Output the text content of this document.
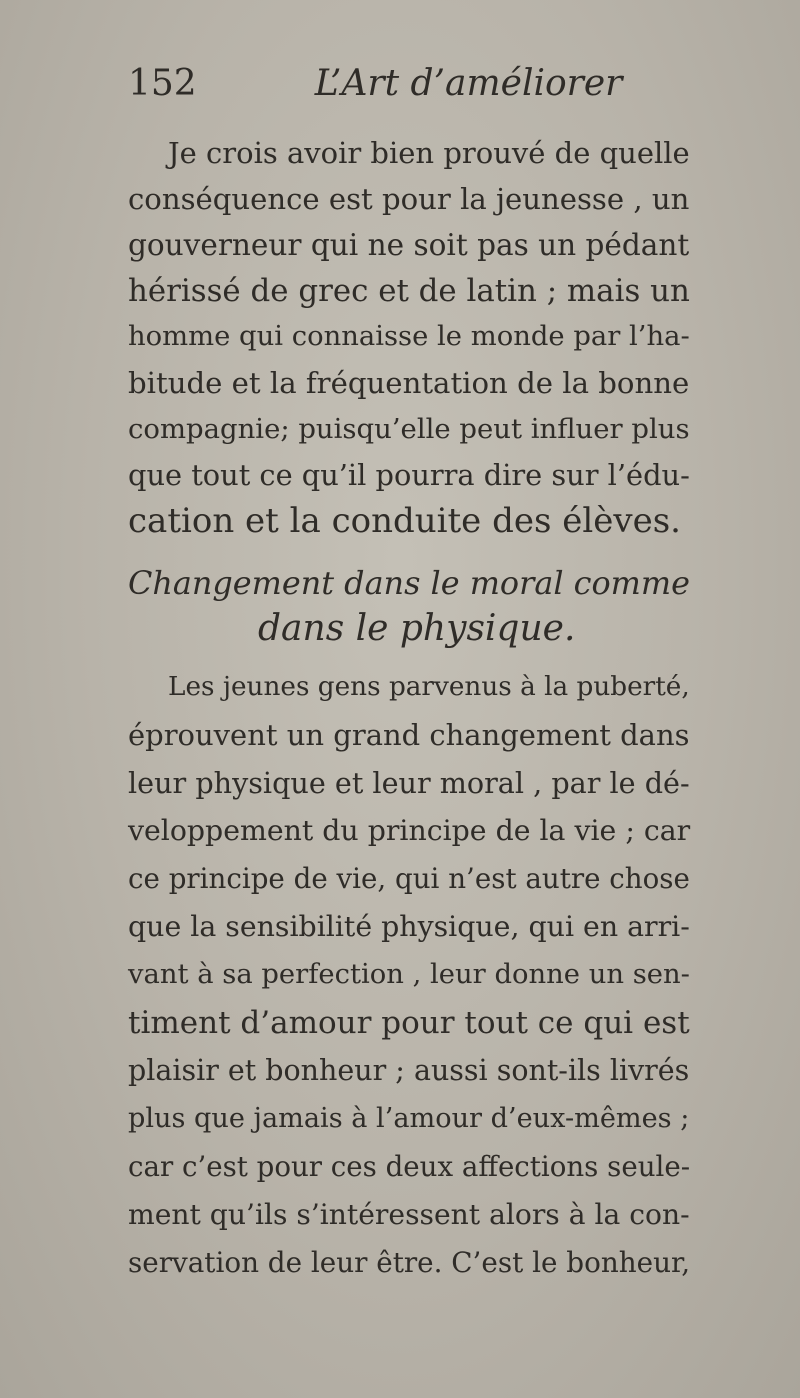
152	L’Art d’améliorer
Je crois avoir bien prouvé de quelle
conséquence est pour la jeunesse , un
gouverneur qui ne soit pas un pédant
hérissé de grec et de latin ; mais un
homme qui connaisse le monde par l’ha-
bitude et la fréquentation de la bonne
compagnie; puisqu’elle peut influer plus
que tout ce qu’il pourra dire sur l’édu-
cation et la conduite des élèves.
Changement dans le moral comme
dans le physique.
Les jeunes gens parvenus à la puberté,
éprouvent un grand changement dans
leur physique et leur moral , par le dé-
veloppement du principe de la vie ; car
ce principe de vie, qui n’est autre chose
que la sensibilité physique, qui en arri-
vant à sa perfection , leur donne un sen-
timent d’amour pour tout ce qui est
plaisir et bonheur ; aussi sont-ils livrés
plus que jamais à l’amour d’eux-mêmes ;
car c’est pour ces deux affections seule-
ment qu’ils s’intéressent alors à la con-
servation de leur être. C’est le bonheur,
